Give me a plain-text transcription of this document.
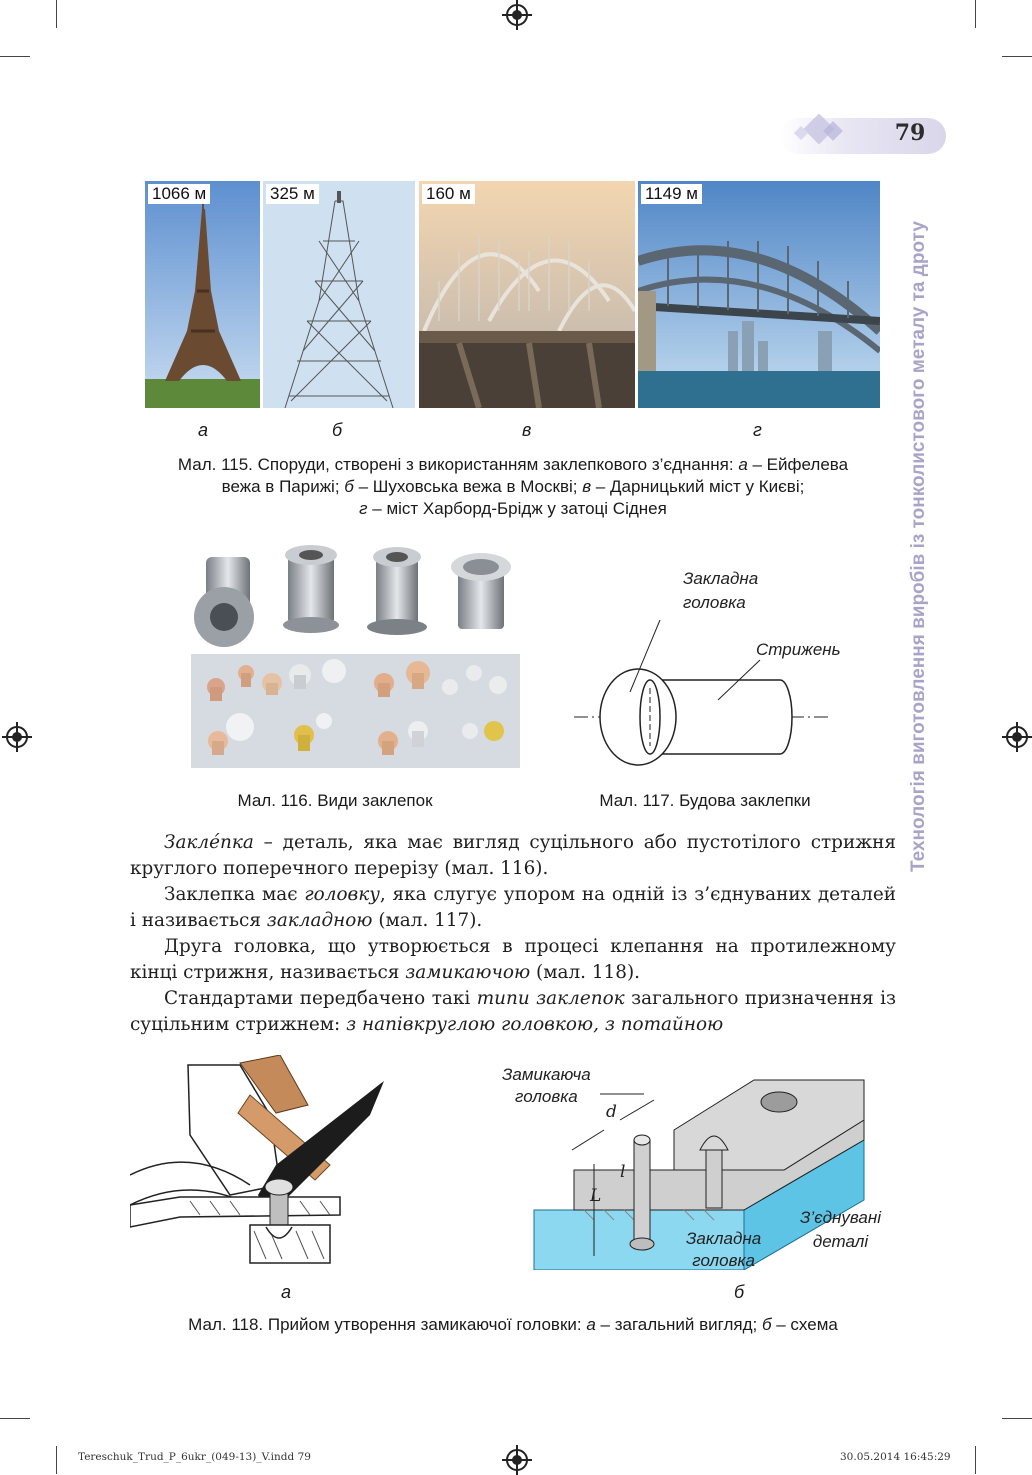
79
Технологія виготовлення виробів із тонколистового металу та дроту
1066 м	325 м	160 м	1149 м
а	б	в	г
Мал. 115. Споруди, створені з використанням заклепкового з’єднання: а – Ейфелева
вежа в Парижі; б – Шуховська вежа в Москві; в – Дарницький міст у Києві;
г – міст Харборд-Брідж у затоці Сіднея
Мал. 116. Види заклепок
Закладна
головка
Стрижень
Мал. 117. Будова заклепки

Закле́пка – деталь, яка має вигляд суцільного або пустотілого стрижня круглого поперечного перерізу (мал. 116).

Заклепка має головку, яка слугує упором на одній із з’єднуваних деталей і називається закладною (мал. 117).

Друга головка, що утворюється в процесі клепання на протилежному кінці стрижня, називається замикаючою (мал. 118).

Стандартами передбачено такі типи заклепок загального призначення із суцільним стрижнем: з напівкруглою головкою, з потайною

а
Замикаюча
головка
d
l
L
Закладна
головка
З’єднувані
деталі
б
Мал. 118. Прийом утворення замикаючої головки: а – загальний вигляд; б – схема
Tereschuk_Trud_P_6ukr_(049-13)_V.indd 79	30.05.2014 16:45:29
